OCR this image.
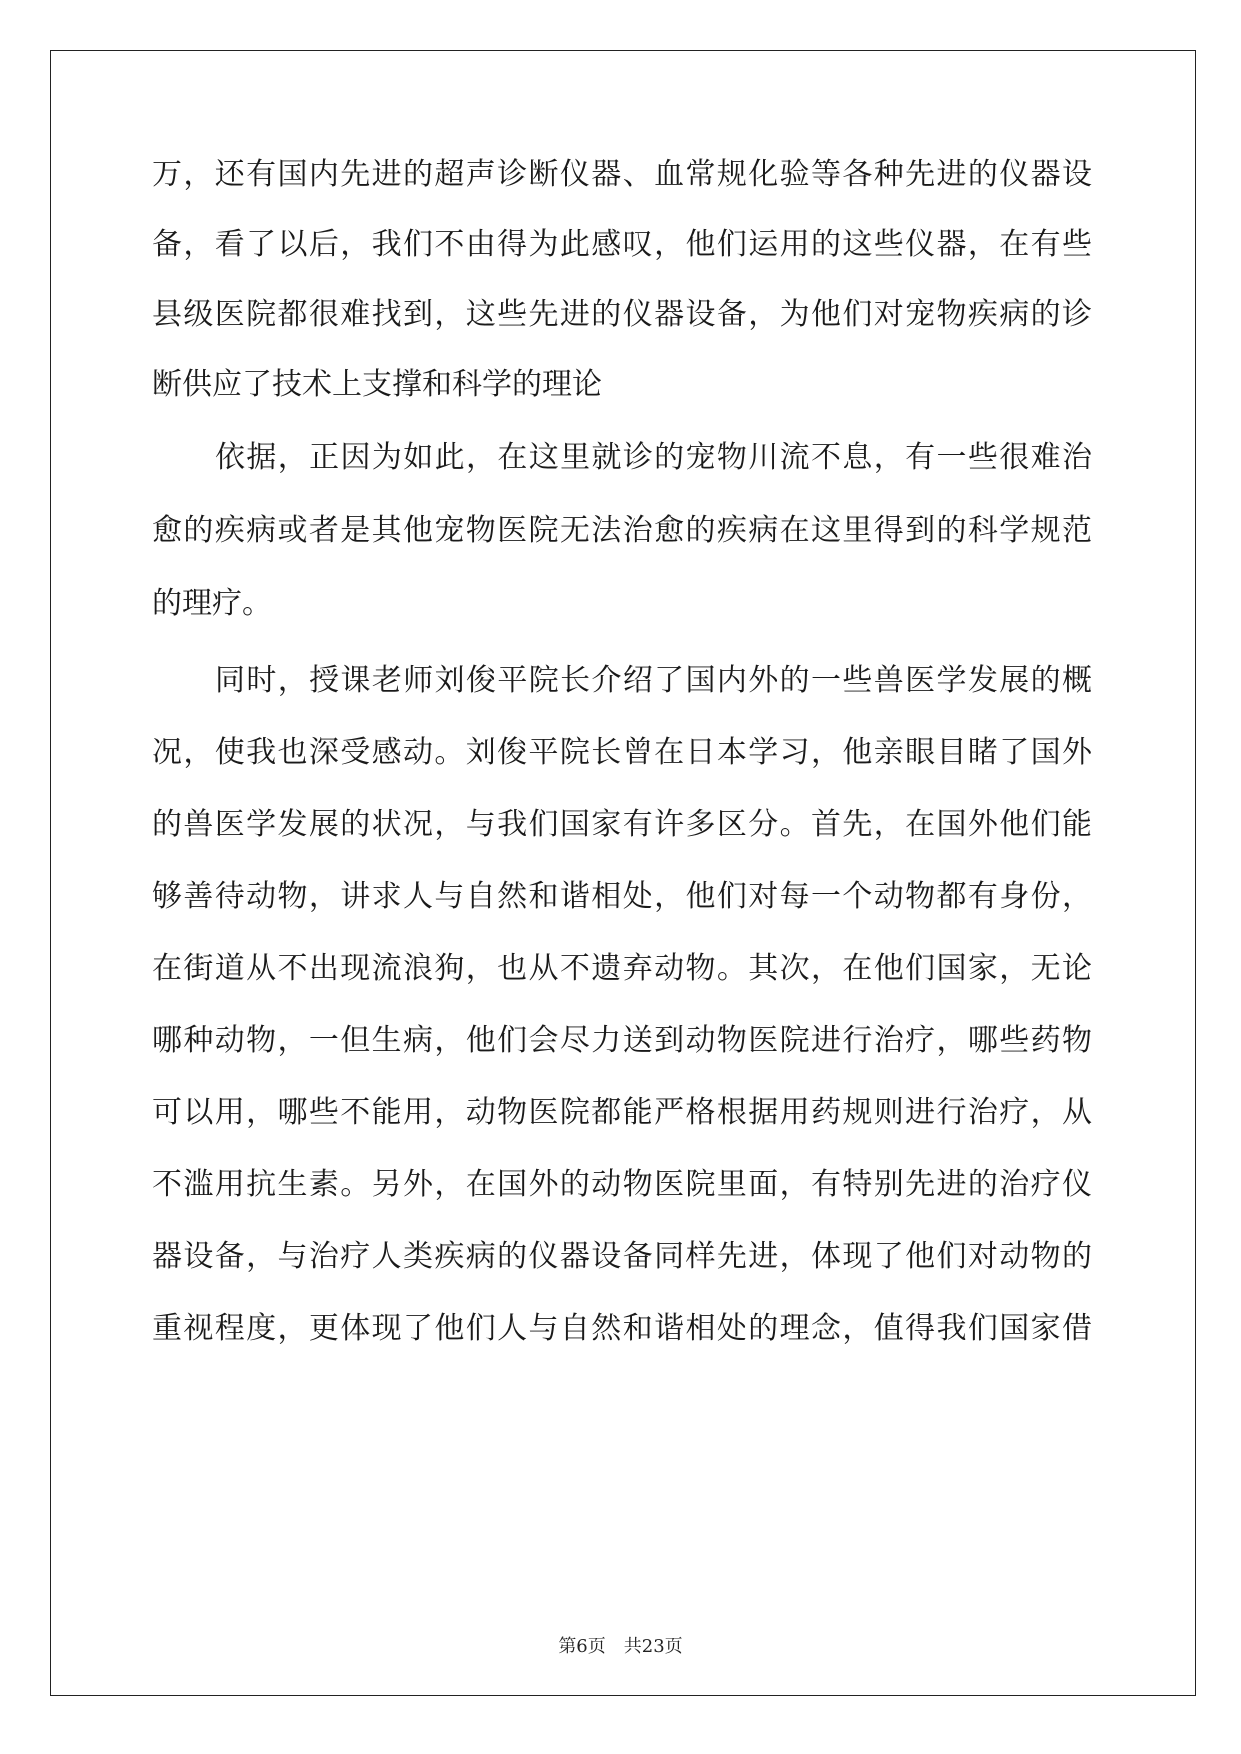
万，还有国内先进的超声诊断仪器、血常规化验等各种先进的仪器设
备，看了以后，我们不由得为此感叹，他们运用的这些仪器，在有些
县级医院都很难找到，这些先进的仪器设备，为他们对宠物疾病的诊
断供应了技术上支撑和科学的理论
依据，正因为如此，在这里就诊的宠物川流不息，有一些很难治
愈的疾病或者是其他宠物医院无法治愈的疾病在这里得到的科学规范
的理疗。
同时，授课老师刘俊平院长介绍了国内外的一些兽医学发展的概
况，使我也深受感动。刘俊平院长曾在日本学习，他亲眼目睹了国外
的兽医学发展的状况，与我们国家有许多区分。首先，在国外他们能
够善待动物，讲求人与自然和谐相处，他们对每一个动物都有身份，
在街道从不出现流浪狗，也从不遗弃动物。其次，在他们国家，无论
哪种动物，一但生病，他们会尽力送到动物医院进行治疗，哪些药物
可以用，哪些不能用，动物医院都能严格根据用药规则进行治疗，从
不滥用抗生素。另外，在国外的动物医院里面，有特别先进的治疗仪
器设备，与治疗人类疾病的仪器设备同样先进，体现了他们对动物的
重视程度，更体现了他们人与自然和谐相处的理念，值得我们国家借
第6页　共23页
